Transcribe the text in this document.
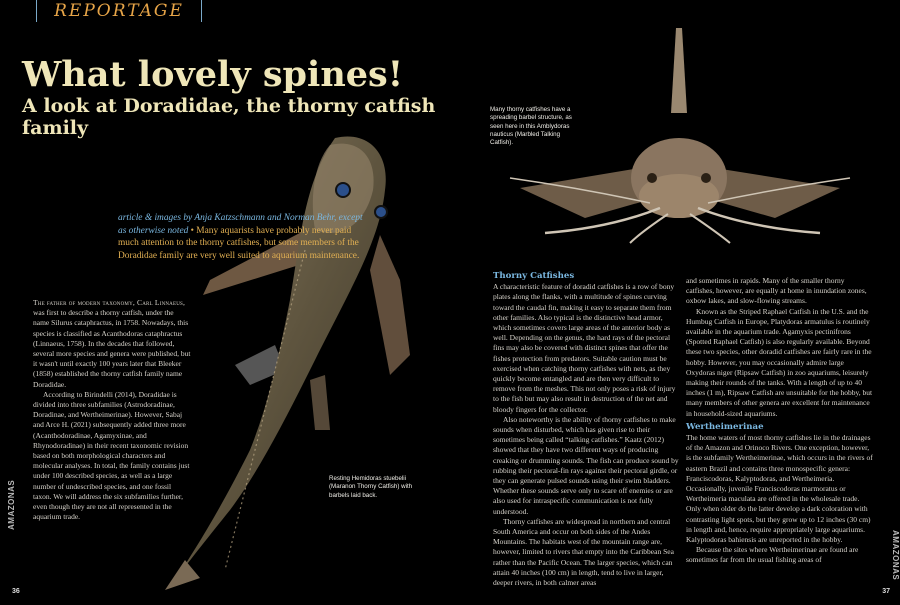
REPORTAGE
What lovely spines!
A look at Doradidae, the thorny catfish family
Resting Hemidoras stuebelii (Maranon Thorny Catfish) with barbels laid back.
article & images by Anja Katzschmann and Norman Behr, except as otherwise noted • Many aquarists have probably never paid much attention to the thorny catfishes, but some members of the Doradidae family are very well suited to aquarium maintenance.

The father of modern taxonomy, Carl Linnaeus, was first to describe a thorny catfish, under the name Silurus cataphractus, in 1758. Nowadays, this species is classified as Acanthodoras cataphractus (Linnaeus, 1758). In the decades that followed, several more species and genera were published, but it wasn't until exactly 100 years later that Bleeker (1858) established the thorny catfish family name Doradidae.

According to Birindelli (2014), Doradidae is divided into three subfamilies (Astrodoradinae, Doradinae, and Wertheimerinae). However, Sabaj and Arce H. (2021) subsequently added three more (Acanthodoradinae, Agamyxinae, and Rhynodoradinae) in their recent taxonomic revision based on both morphological characters and molecular analyses. In total, the family contains just under 100 described species, as well as a large number of undescribed species, and one fossil taxon. We will address the six subfamilies further, even though they are not all represented in the aquarium trade.

AMAZONAS
36
Many thorny catfishes have a spreading barbel structure, as seen here in this Amblydoras nauticus (Marbled Talking Catfish).
Thorny Catfishes

A characteristic feature of doradid catfishes is a row of bony plates along the flanks, with a multitude of spines curving toward the caudal fin, making it easy to separate them from other families. Also typical is the distinctive head armor, which sometimes covers large areas of the anterior body as well. Depending on the genus, the hard rays of the pectoral fins may also be covered with distinct spines that offer the fishes protection from predators. Suitable caution must be exercised when catching thorny catfishes with nets, as they quickly become entangled and are then very difficult to remove from the meshes. This not only poses a risk of injury to the fish but may also result in destruction of the net and bloody fingers for the collector.

Also noteworthy is the ability of thorny catfishes to make sounds when disturbed, which has given rise to their sometimes being called “talking catfishes.” Kaatz (2012) showed that they have two different ways of producing creaking or drumming sounds. The fish can produce sound by rubbing their pectoral-fin rays against their pectoral girdle, or they can generate pulsed sounds using their swim bladders. Whether these sounds serve only to scare off enemies or are also used for intraspecific communication is not fully understood.

Thorny catfishes are widespread in northern and central South America and occur on both sides of the Andes Mountains. The habitats west of the mountain range are, however, limited to rivers that empty into the Caribbean Sea rather than the Pacific Ocean. The larger species, which can attain 40 inches (100 cm) in length, tend to live in larger, deeper rivers, in both calmer areas

and sometimes in rapids. Many of the smaller thorny catfishes, however, are equally at home in inundation zones, oxbow lakes, and slow-flowing streams.

Known as the Striped Raphael Catfish in the U.S. and the Humbug Catfish in Europe, Platydoras armatulus is routinely available in the aquarium trade. Agamyxis pectinifrons (Spotted Raphael Catfish) is also regularly available. Beyond these two species, other doradid catfishes are fairly rare in the hobby. However, you may occasionally admire large Oxydoras niger (Ripsaw Catfish) in zoo aquariums, leisurely making their rounds of the tanks. With a length of up to 40 inches (1 m), Ripsaw Catfish are unsuitable for the hobby, but many members of other genera are excellent for maintenance in household-sized aquariums.

Wertheimerinae

The home waters of most thorny catfishes lie in the drainages of the Amazon and Orinoco Rivers. One exception, however, is the subfamily Wertheimerinae, which occurs in the rivers of eastern Brazil and contains three monospecific genera: Franciscodoras, Kalyptodoras, and Wertheimeria. Occasionally, juvenile Franciscodoras marmoratus or Wertheimeria maculata are offered in the wholesale trade. Only when older do the latter develop a dark coloration with contrasting light spots, but they grow up to 12 inches (30 cm) in length and, hence, require appropriately large aquariums. Kalyptodoras bahiensis are unreported in the hobby.

Because the sites where Wertheimerinae are found are sometimes far from the usual fishing areas of	AMAZONAS
37
